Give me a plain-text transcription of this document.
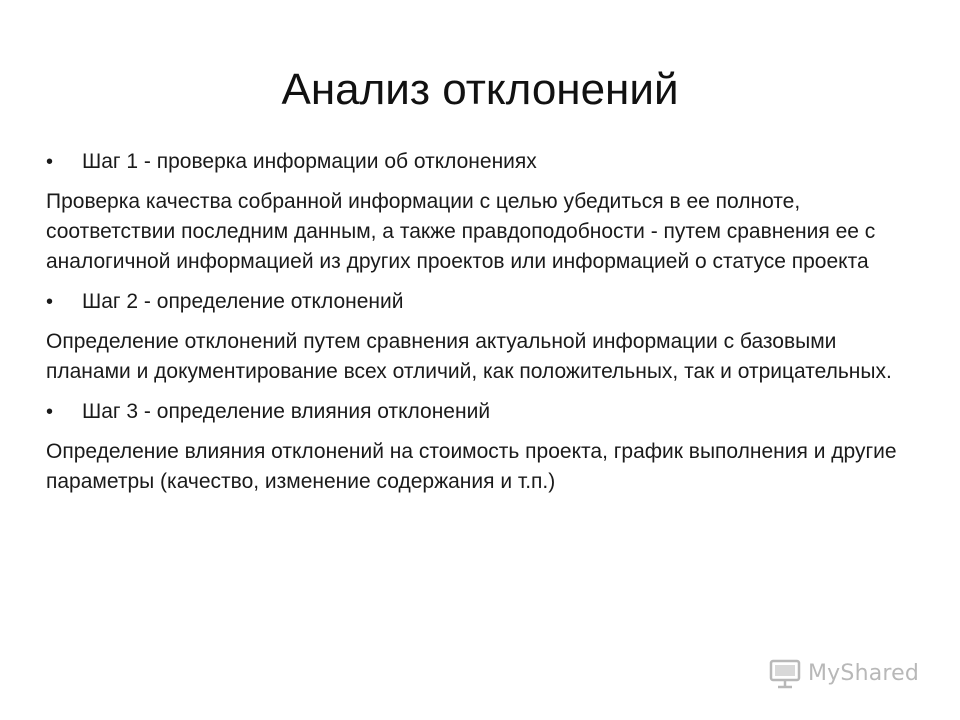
Анализ отклонений
• Шаг 1 - проверка информации об отклонениях
Проверка качества собранной информации с целью убедиться в ее полноте, соответствии последним данным, а также правдоподобности - путем сравнения ее с аналогичной информацией из других проектов или информацией о статусе проекта
• Шаг 2 - определение отклонений
Определение отклонений путем сравнения актуальной информации с базовыми планами и документирование всех отличий, как положительных, так и отрицательных.
• Шаг 3 - определение влияния отклонений
Определение влияния отклонений на стоимость проекта, график выполнения и другие параметры (качество, изменение содержания и т.п.)
MyShared
